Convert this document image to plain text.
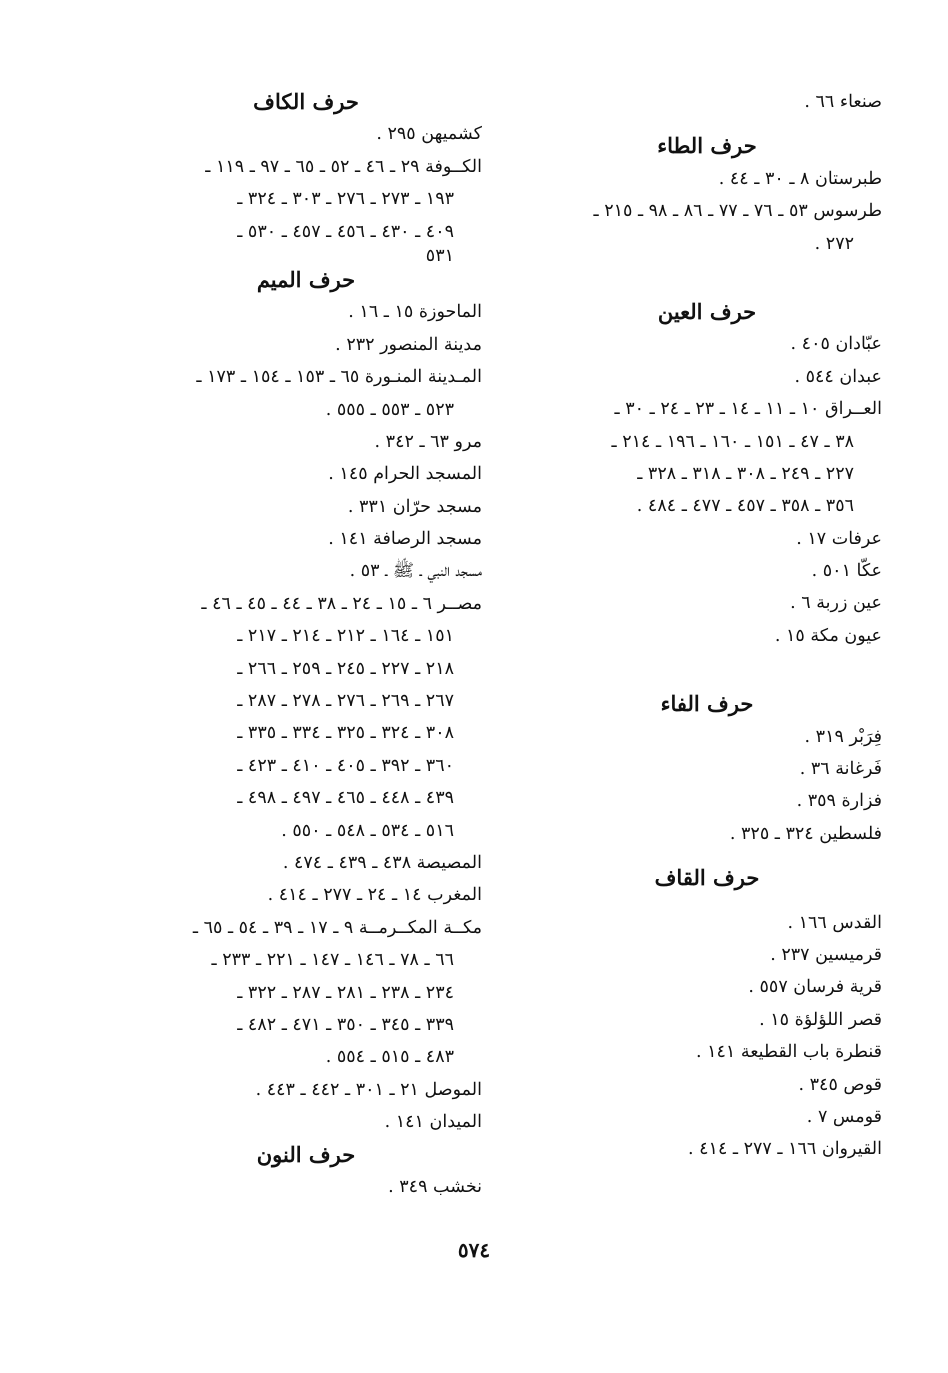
صنعاء ٦٦ .
حرف الطاء
طبرستان ٨ ـ ٣٠ ـ ٤٤ .
طرسوس ٥٣ ـ ٧٦ ـ ٧٧ ـ ٨٦ ـ ٩٨ ـ ٢١٥ ـ
٢٧٢ .
حرف العين
عبّادان ٤٠٥ .
عبدان ٥٤٤ .
العــراق ١٠ ـ ١١ ـ ١٤ ـ ٢٣ ـ ٢٤ ـ ٣٠ ـ
٣٨ ـ ٤٧ ـ ١٥١ ـ ١٦٠ ـ ١٩٦ ـ ٢١٤ ـ
٢٢٧ ـ ٢٤٩ ـ ٣٠٨ ـ ٣١٨ ـ ٣٢٨ ـ
٣٥٦ ـ ٣٥٨ ـ ٤٥٧ ـ ٤٧٧ ـ ٤٨٤ .
عرفات ١٧ .
عكّا ٥٠١ .
عين زربة ٦ .
عيون مكة ١٥ .
حرف الفاء
فِرَبْر ٣١٩ .
فَرغانة ٣٦ .
فزارة ٣٥٩ .
فلسطين ٣٢٤ ـ ٣٢٥ .
حرف القاف
القدس ١٦٦ .
قرميسين ٢٣٧ .
قرية فرسان ٥٥٧ .
قصر اللؤلؤة ١٥ .
قنطرة باب القطيعة ١٤١ .
قوص ٣٤٥ .
قومس ٧ .
القيروان ١٦٦ ـ ٢٧٧ ـ ٤١٤ .
حرف الكاف
كشميهن ٢٩٥ .
الكــوفة ٢٩ ـ ٤٦ ـ ٥٢ ـ ٦٥ ـ ٩٧ ـ ١١٩ ـ
١٩٣ ـ ٢٧٣ ـ ٢٧٦ ـ ٣٠٣ ـ ٣٢٤ ـ
٤٠٩ ـ ٤٣٠ ـ ٤٥٦ ـ ٤٥٧ ـ ٥٣٠ ـ
٥٣١
حرف الميم
الماحوزة ١٥ ـ ١٦ .
مدينة المنصور ٢٣٢ .
المـدينة المنـورة ٦٥ ـ ١٥٣ ـ ١٥٤ ـ ١٧٣ ـ
٥٢٣ ـ ٥٥٣ ـ ٥٥٥ .
مرو ٦٣ ـ ٣٤٢ .
المسجد الحرام ١٤٥ .
مسجد حرّان ٣٣١ .
مسجد الرصافة ١٤١ .
مسجد النبي ـ ﷺ ـ ٥٣ .
مصــر ٦ ـ ١٥ ـ ٢٤ ـ ٣٨ ـ ٤٤ ـ ٤٥ ـ ٤٦ ـ
١٥١ ـ ١٦٤ ـ ٢١٢ ـ ٢١٤ ـ ٢١٧ ـ
٢١٨ ـ ٢٢٧ ـ ٢٤٥ ـ ٢٥٩ ـ ٢٦٦ ـ
٢٦٧ ـ ٢٦٩ ـ ٢٧٦ ـ ٢٧٨ ـ ٢٨٧ ـ
٣٠٨ ـ ٣٢٤ ـ ٣٢٥ ـ ٣٣٤ ـ ٣٣٥ ـ
٣٦٠ ـ ٣٩٢ ـ ٤٠٥ ـ ٤١٠ ـ ٤٢٣ ـ
٤٣٩ ـ ٤٤٨ ـ ٤٦٥ ـ ٤٩٧ ـ ٤٩٨ ـ
٥١٦ ـ ٥٣٤ ـ ٥٤٨ ـ ٥٥٠ .
المصيصة ٤٣٨ ـ ٤٣٩ ـ ٤٧٤ .
المغرب ١٤ ـ ٢٤ ـ ٢٧٧ ـ ٤١٤ .
مكــة المكــرمــة ٩ ـ ١٧ ـ ٣٩ ـ ٥٤ ـ ٦٥ ـ
٦٦ ـ ٧٨ ـ ١٤٦ ـ ١٤٧ ـ ٢٢١ ـ ٢٣٣ ـ
٢٣٤ ـ ٢٣٨ ـ ٢٨١ ـ ٢٨٧ ـ ٣٢٢ ـ
٣٣٩ ـ ٣٤٥ ـ ٣٥٠ ـ ٤٧١ ـ ٤٨٢ ـ
٤٨٣ ـ ٥١٥ ـ ٥٥٤ .
الموصل ٢١ ـ ٣٠١ ـ ٤٤٢ ـ ٤٤٣ .
الميدان ١٤١ .
حرف النون
نخشب ٣٤٩ .
٥٧٤
